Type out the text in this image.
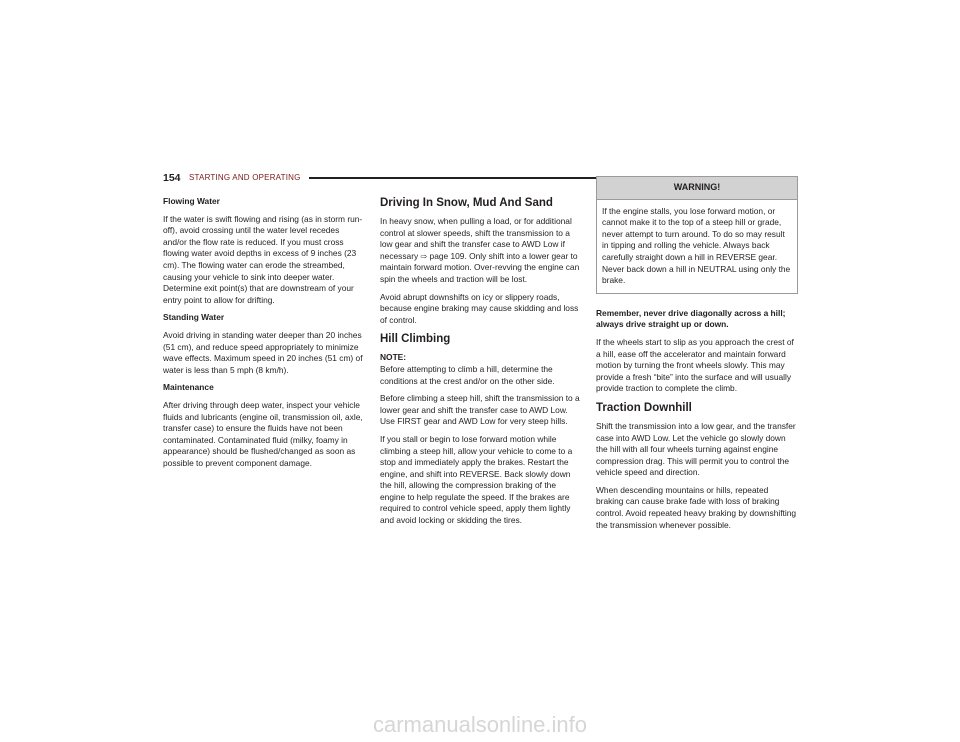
154 STARTING AND OPERATING

Flowing Water

If the water is swift flowing and rising (as in storm run-off), avoid crossing until the water level recedes and/or the flow rate is reduced. If you must cross flowing water avoid depths in excess of 9 inches (23 cm). The flowing water can erode the streambed, causing your vehicle to sink into deeper water. Determine exit point(s) that are downstream of your entry point to allow for drifting.

Standing Water

Avoid driving in standing water deeper than 20 inches (51 cm), and reduce speed appropriately to minimize wave effects. Maximum speed in 20 inches (51 cm) of water is less than 5 mph (8 km/h).

Maintenance

After driving through deep water, inspect your vehicle fluids and lubricants (engine oil, transmission oil, axle, transfer case) to ensure the fluids have not been contaminated. Contaminated fluid (milky, foamy in appearance) should be flushed/changed as soon as possible to prevent component damage.

Driving In Snow, Mud And Sand

In heavy snow, when pulling a load, or for additional control at slower speeds, shift the transmission to a low gear and shift the transfer case to AWD Low if necessary ⇨ page 109. Only shift into a lower gear to maintain forward motion. Over-revving the engine can spin the wheels and traction will be lost.

Avoid abrupt downshifts on icy or slippery roads, because engine braking may cause skidding and loss of control.

Hill Climbing

NOTE:
Before attempting to climb a hill, determine the conditions at the crest and/or on the other side.

Before climbing a steep hill, shift the transmission to a lower gear and shift the transfer case to AWD Low. Use FIRST gear and AWD Low for very steep hills.

If you stall or begin to lose forward motion while climbing a steep hill, allow your vehicle to come to a stop and immediately apply the brakes. Restart the engine, and shift into REVERSE. Back slowly down the hill, allowing the compression braking of the engine to help regulate the speed. If the brakes are required to control vehicle speed, apply them lightly and avoid locking or skidding the tires.

WARNING!

If the engine stalls, you lose forward motion, or cannot make it to the top of a steep hill or grade, never attempt to turn around. To do so may result in tipping and rolling the vehicle. Always back carefully straight down a hill in REVERSE gear. Never back down a hill in NEUTRAL using only the brake.

Remember, never drive diagonally across a hill; always drive straight up or down.

If the wheels start to slip as you approach the crest of a hill, ease off the accelerator and maintain forward motion by turning the front wheels slowly. This may provide a fresh “bite” into the surface and will usually provide traction to complete the climb.

Traction Downhill

Shift the transmission into a low gear, and the transfer case into AWD Low. Let the vehicle go slowly down the hill with all four wheels turning against engine compression drag. This will permit you to control the vehicle speed and direction.

When descending mountains or hills, repeated braking can cause brake fade with loss of braking control. Avoid repeated heavy braking by downshifting the transmission whenever possible.

carmanualsonline.info
